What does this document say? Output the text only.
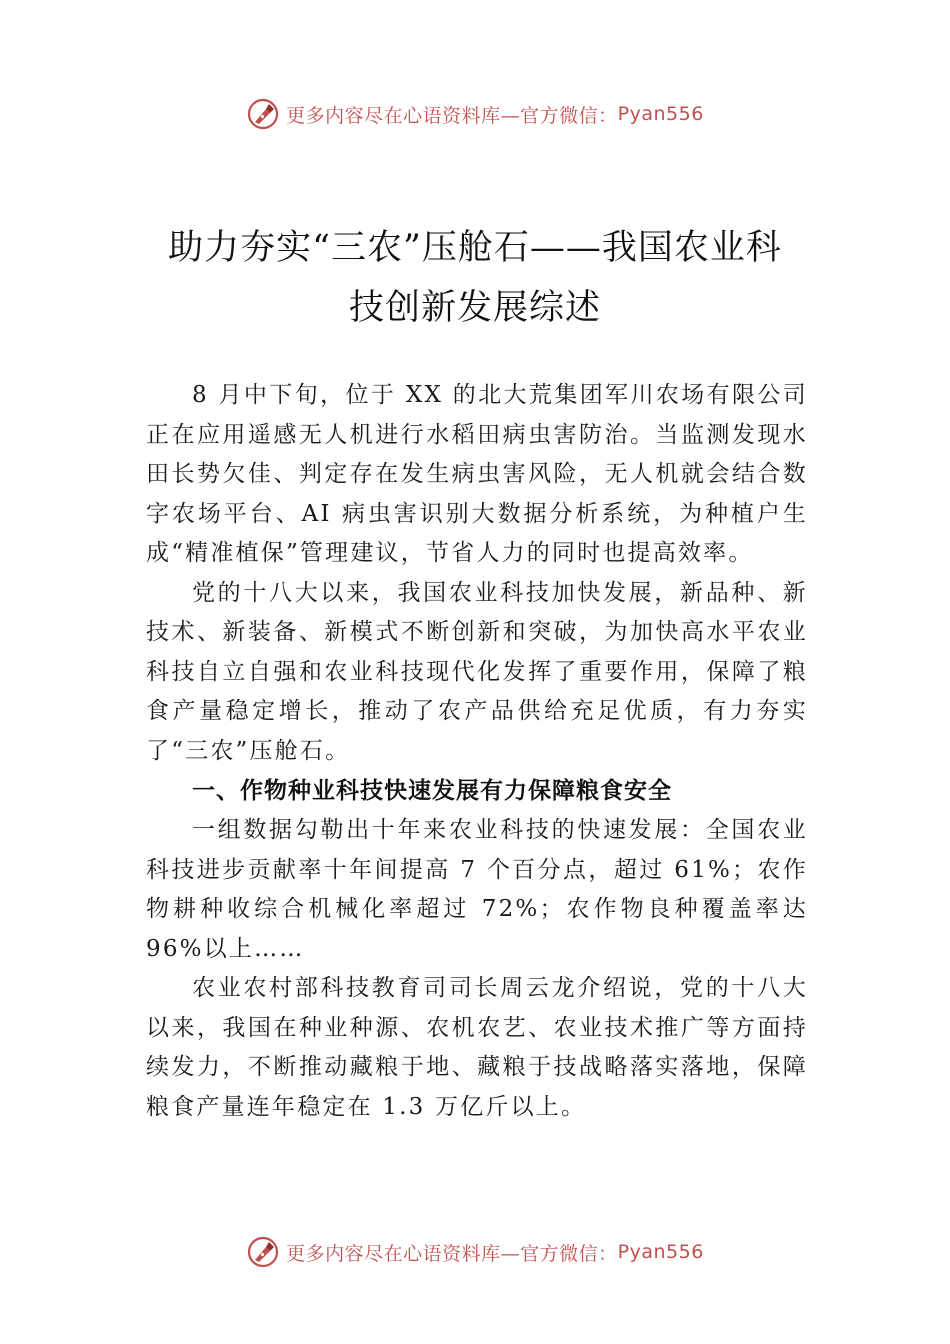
更多内容尽在心语资料库—官方微信： Pyan556
助力夯实“三农”压舱石——我国农业科
技创新发展综述

8 月中下旬，位于 XX 的北大荒集团军川农场有限公司正在应用遥感无人机进行水稻田病虫害防治。当监测发现水田长势欠佳、判定存在发生病虫害风险，无人机就会结合数字农场平台、AI 病虫害识别大数据分析系统，为种植户生成“精准植保”管理建议，节省人力的同时也提高效率。

党的十八大以来，我国农业科技加快发展，新品种、新技术、新装备、新模式不断创新和突破，为加快高水平农业科技自立自强和农业科技现代化发挥了重要作用，保障了粮食产量稳定增长，推动了农产品供给充足优质，有力夯实了“三农”压舱石。

一、作物种业科技快速发展有力保障粮食安全

一组数据勾勒出十年来农业科技的快速发展：全国农业科技进步贡献率十年间提高 7 个百分点，超过 61%；农作物耕种收综合机械化率超过 72%；农作物良种覆盖率达 96%以上……

农业农村部科技教育司司长周云龙介绍说，党的十八大以来，我国在种业种源、农机农艺、农业技术推广等方面持续发力，不断推动藏粮于地、藏粮于技战略落实落地，保障粮食产量连年稳定在 1.3 万亿斤以上。

更多内容尽在心语资料库—官方微信： Pyan556
